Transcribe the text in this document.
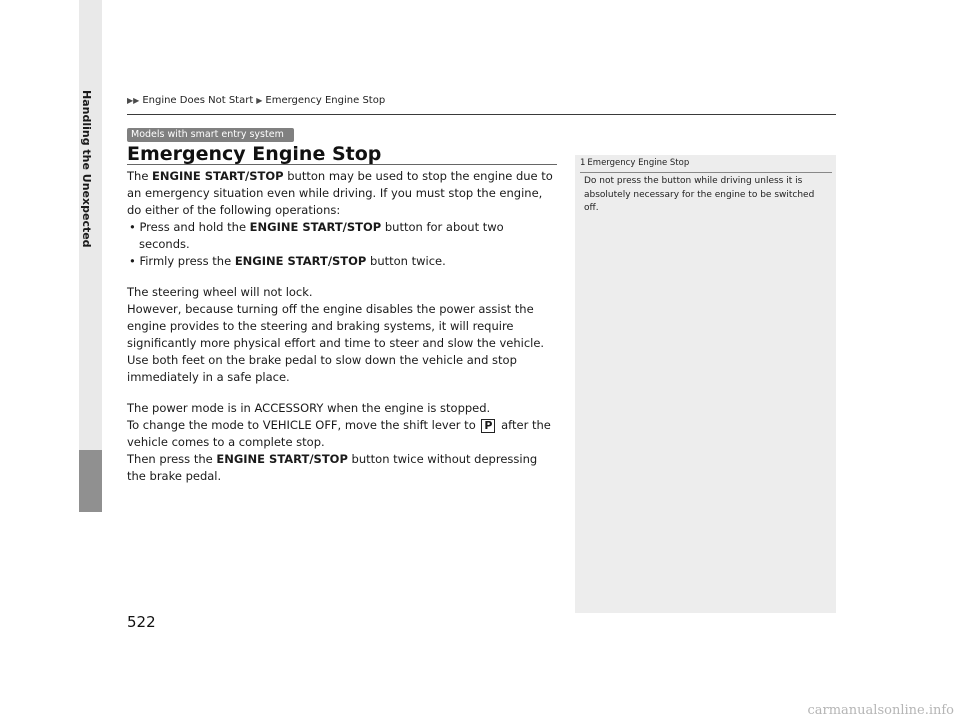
Handling the Unexpected	▶▶ Engine Does Not Start ▶ Emergency Engine Stop
Models with smart entry system
Emergency Engine Stop

The ENGINE START/STOP button may be used to stop the engine due to an emergency situation even while driving. If you must stop the engine, do either of the following operations:

• Press and hold the ENGINE START/STOP button for about two seconds.

• Firmly press the ENGINE START/STOP button twice.

The steering wheel will not lock.

However, because turning off the engine disables the power assist the engine provides to the steering and braking systems, it will require significantly more physical effort and time to steer and slow the vehicle. Use both feet on the brake pedal to slow down the vehicle and stop immediately in a safe place.

The power mode is in ACCESSORY when the engine is stopped.

To change the mode to VEHICLE OFF, move the shift lever to P after the vehicle comes to a complete stop.

Then press the ENGINE START/STOP button twice without depressing the brake pedal.

1 Emergency Engine Stop

Do not press the button while driving unless it is absolutely necessary for the engine to be switched off.

522
carmanualsonline.info
